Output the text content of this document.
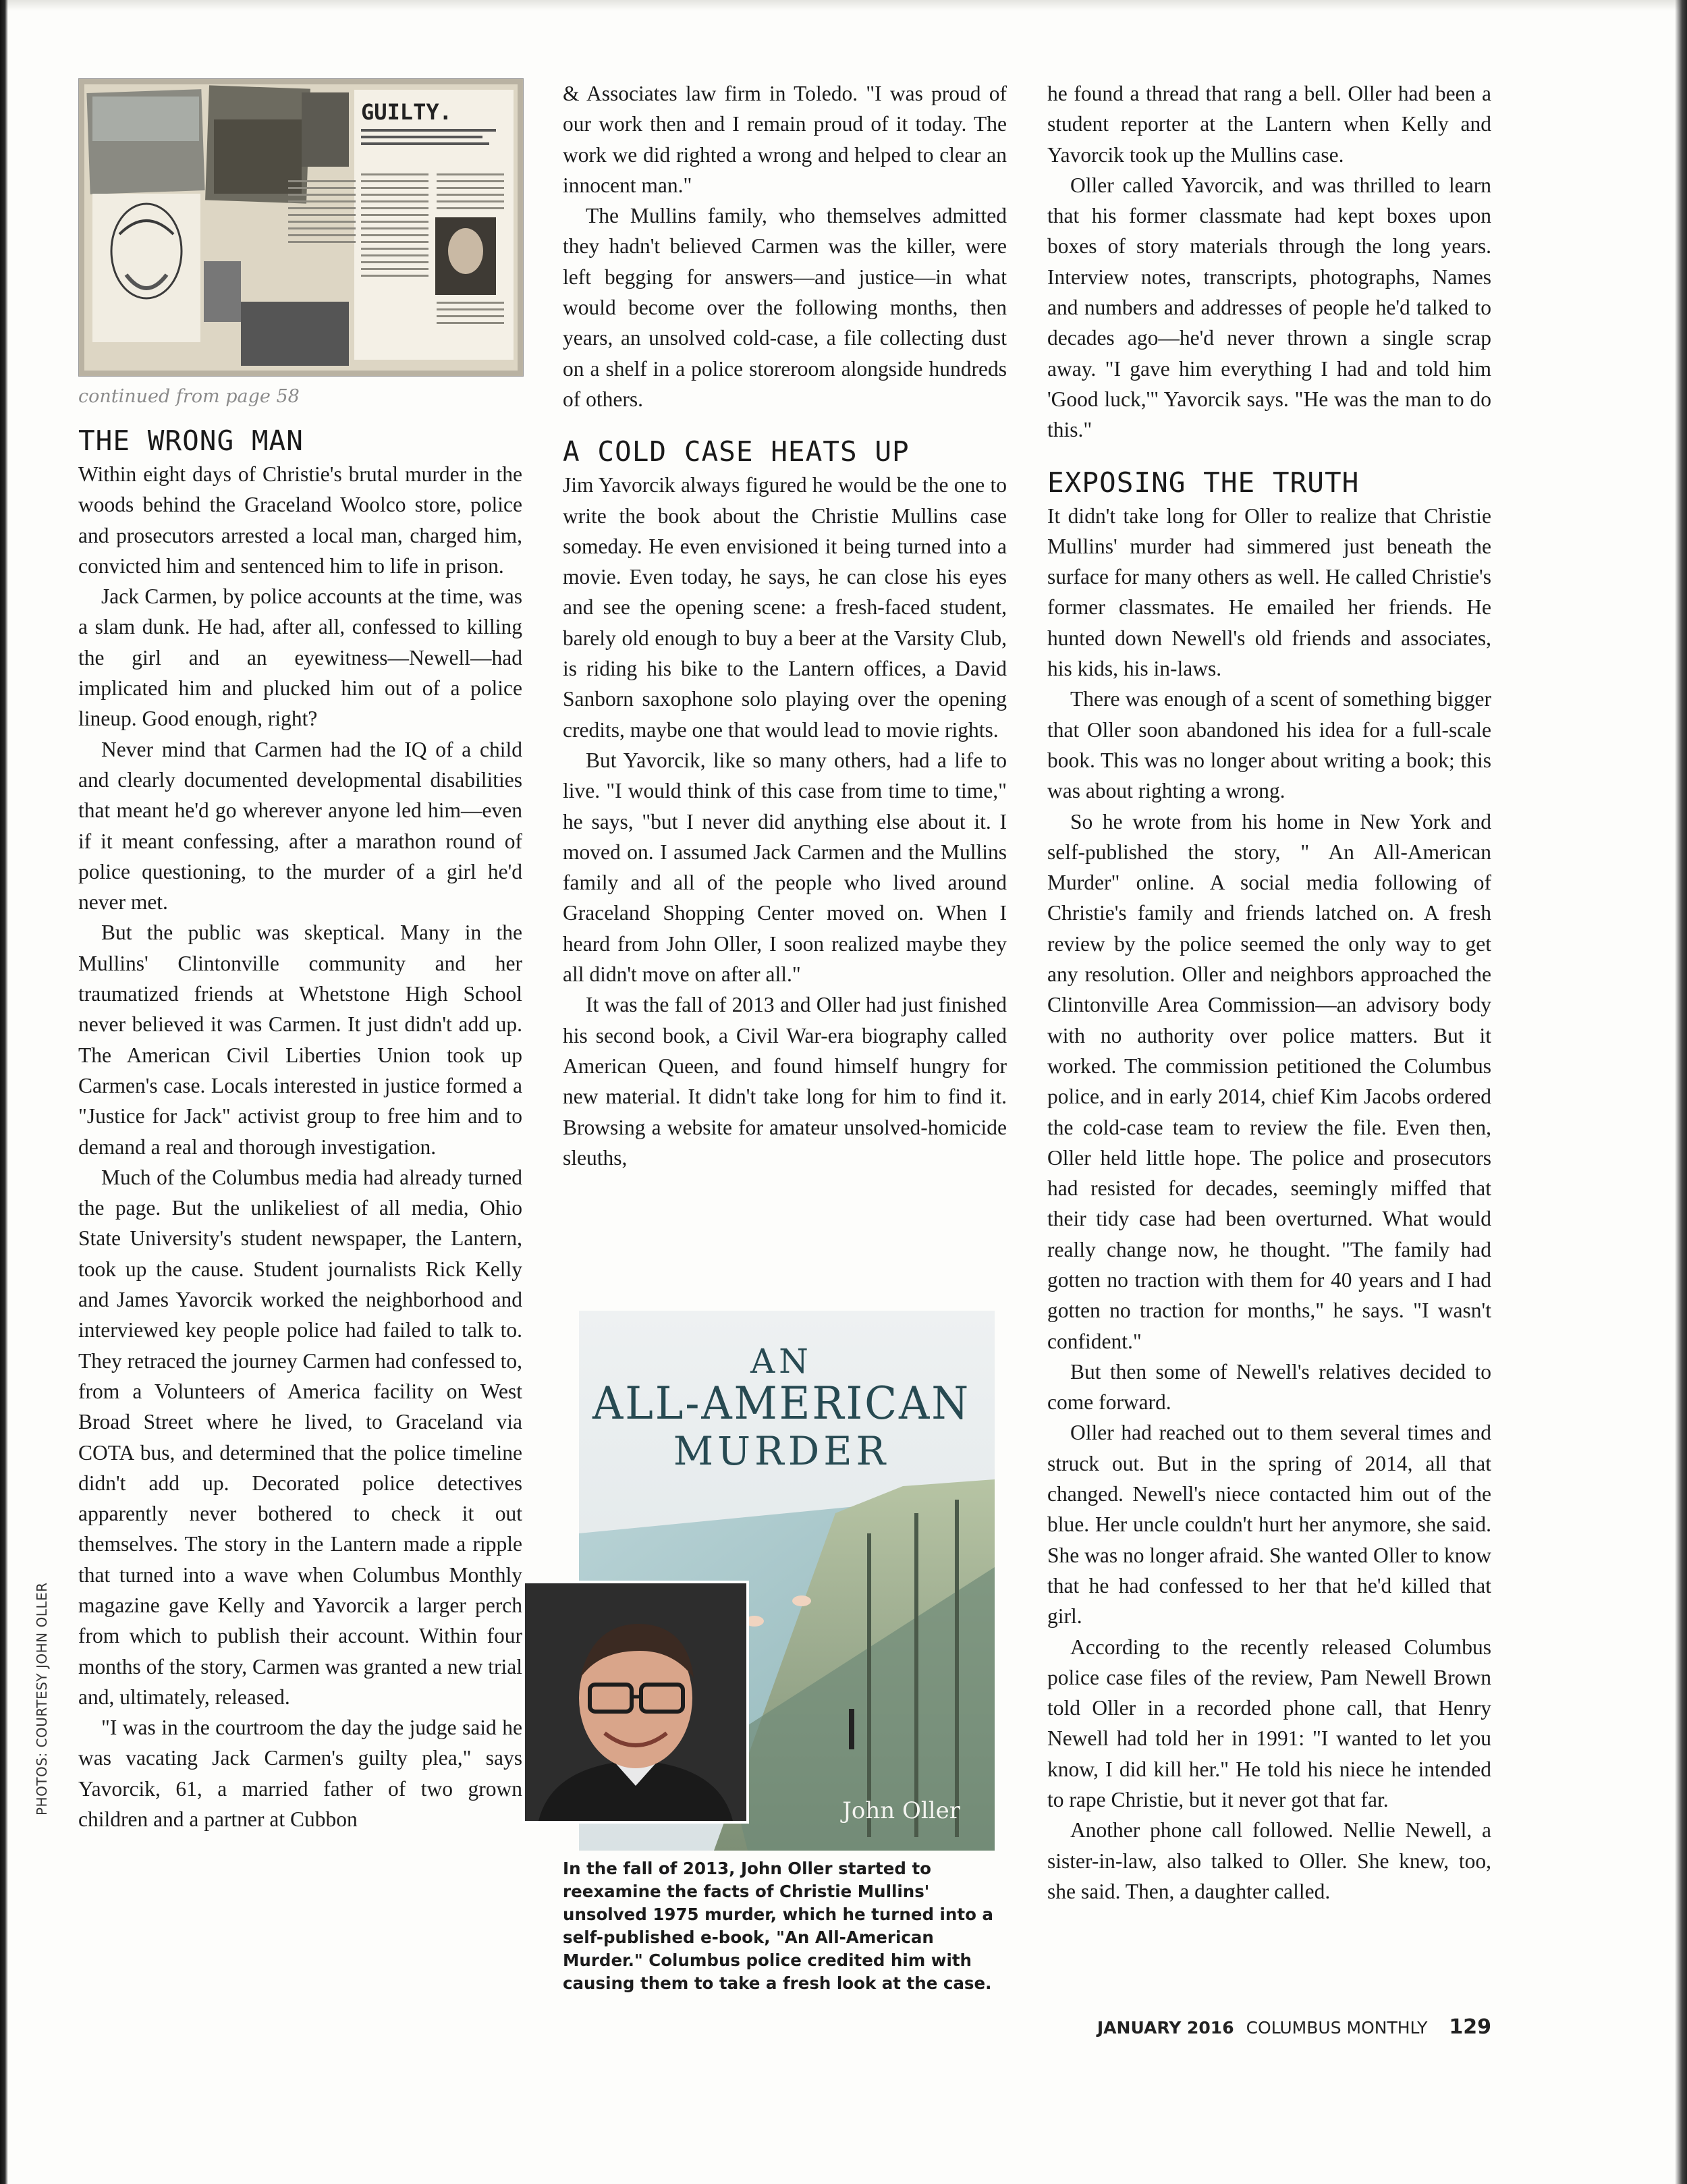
GUILTY.
continued from page 58
THE WRONG MAN

Within eight days of Christie's brutal murder in the woods behind the Graceland Woolco store, police and prosecutors arrested a local man, charged him, convicted him and sentenced him to life in prison.

Jack Carmen, by police accounts at the time, was a slam dunk. He had, after all, confessed to killing the girl and an eyewitness—Newell—had implicated him and plucked him out of a police lineup. Good enough, right?

Never mind that Carmen had the IQ of a child and clearly documented developmental disabilities that meant he'd go wherever anyone led him—even if it meant confessing, after a marathon round of police questioning, to the murder of a girl he'd never met.

But the public was skeptical. Many in the Mullins' Clintonville community and her traumatized friends at Whetstone High School never believed it was Carmen. It just didn't add up. The American Civil Liberties Union took up Carmen's case. Locals interested in justice formed a "Justice for Jack" activist group to free him and to demand a real and thorough investigation.

Much of the Columbus media had already turned the page. But the unlikeliest of all media, Ohio State University's student newspaper, the Lantern, took up the cause. Student journalists Rick Kelly and James Yavorcik worked the neighborhood and interviewed key people police had failed to talk to. They retraced the journey Carmen had confessed to, from a Volunteers of America facility on West Broad Street where he lived, to Graceland via COTA bus, and determined that the police timeline didn't add up. Decorated police detectives apparently never bothered to check it out themselves. The story in the Lantern made a ripple that turned into a wave when Columbus Monthly magazine gave Kelly and Yavorcik a larger perch from which to publish their account. Within four months of the story, Carmen was granted a new trial and, ultimately, released.

"I was in the courtroom the day the judge said he was vacating Jack Carmen's guilty plea," says Yavorcik, 61, a married father of two grown children and a partner at Cubbon

& Associates law firm in Toledo. "I was proud of our work then and I remain proud of it today. The work we did righted a wrong and helped to clear an innocent man."

The Mullins family, who themselves admitted they hadn't believed Carmen was the killer, were left begging for answers—and justice—in what would become over the following months, then years, an unsolved cold-case, a file collecting dust on a shelf in a police storeroom alongside hundreds of others.

A COLD CASE HEATS UP

Jim Yavorcik always figured he would be the one to write the book about the Christie Mullins case someday. He even envisioned it being turned into a movie. Even today, he says, he can close his eyes and see the opening scene: a fresh-faced student, barely old enough to buy a beer at the Varsity Club, is riding his bike to the Lantern offices, a David Sanborn saxophone solo playing over the opening credits, maybe one that would lead to movie rights.

But Yavorcik, like so many others, had a life to live. "I would think of this case from time to time," he says, "but I never did anything else about it. I moved on. I assumed Jack Carmen and the Mullins family and all of the people who lived around Graceland Shopping Center moved on. When I heard from John Oller, I soon realized maybe they all didn't move on after all."

It was the fall of 2013 and Oller had just finished his second book, a Civil War-era biography called American Queen, and found himself hungry for new material. It didn't take long for him to find it. Browsing a website for amateur unsolved-homicide sleuths,

he found a thread that rang a bell. Oller had been a student reporter at the Lantern when Kelly and Yavorcik took up the Mullins case.

Oller called Yavorcik, and was thrilled to learn that his former classmate had kept boxes upon boxes of story materials through the long years. Interview notes, transcripts, photographs, Names and numbers and addresses of people he'd talked to decades ago—he'd never thrown a single scrap away. "I gave him everything I had and told him 'Good luck,'" Yavorcik says. "He was the man to do this."

EXPOSING THE TRUTH

It didn't take long for Oller to realize that Christie Mullins' murder had simmered just beneath the surface for many others as well. He called Christie's former classmates. He emailed her friends. He hunted down Newell's old friends and associates, his kids, his in-laws.

There was enough of a scent of something bigger that Oller soon abandoned his idea for a full-scale book. This was no longer about writing a book; this was about righting a wrong.

So he wrote from his home in New York and self-published the story, " An All-American Murder" online. A social media following of Christie's family and friends latched on. A fresh review by the police seemed the only way to get any resolution. Oller and neighbors approached the Clintonville Area Commission—an advisory body with no authority over police matters. But it worked. The commission petitioned the Columbus police, and in early 2014, chief Kim Jacobs ordered the cold-case team to review the file. Even then, Oller held little hope. The police and prosecutors had resisted for decades, seemingly miffed that their tidy case had been overturned. What would really change now, he thought. "The family had gotten no traction with them for 40 years and I had gotten no traction for months," he says. "I wasn't confident."

But then some of Newell's relatives decided to come forward.

Oller had reached out to them several times and struck out. But in the spring of 2014, all that changed. Newell's niece contacted him out of the blue. Her uncle couldn't hurt her anymore, she said. She was no longer afraid. She wanted Oller to know that he had confessed to her that he'd killed that girl.

According to the recently released Columbus police case files of the review, Pam Newell Brown told Oller in a recorded phone call, that Henry Newell had told her in 1991: "I wanted to let you know, I did kill her." He told his niece he intended to rape Christie, but it never got that far.

Another phone call followed. Nellie Newell, a sister-in-law, also talked to Oller. She knew, too, she said. Then, a daughter called.

AN
ALL-AMERICAN
MURDER
John Oller
In the fall of 2013, John Oller started to reexamine the facts of Christie Mullins' unsolved 1975 murder, which he turned into a self-published e-book, "An All-American Murder." Columbus police credited him with causing them to take a fresh look at the case.
PHOTOS: COURTESY JOHN OLLER
JANUARY 2016 COLUMBUS MONTHLY 129
